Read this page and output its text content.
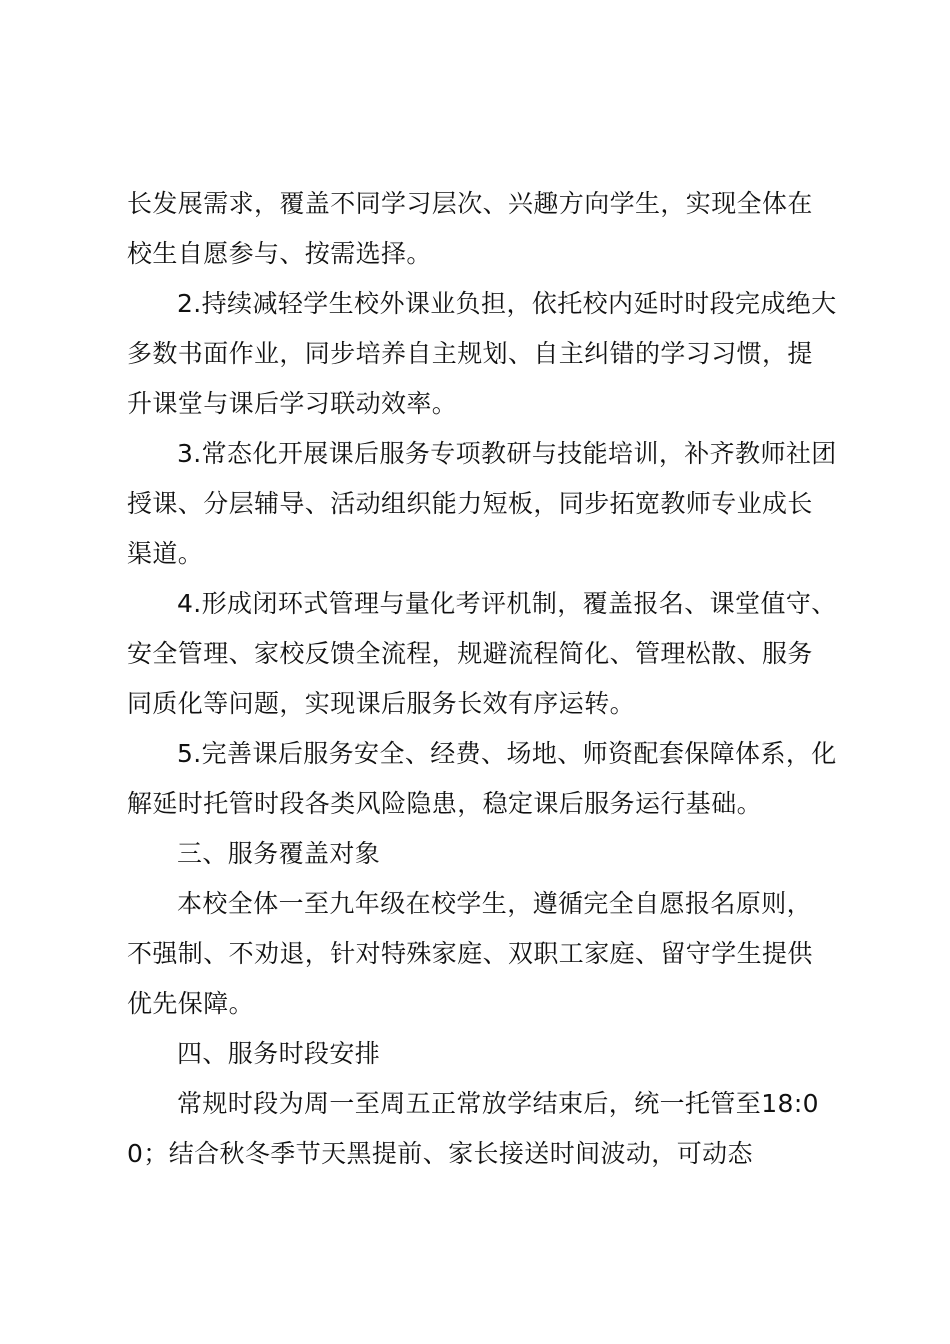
长发展需求，覆盖不同学习层次、兴趣方向学生，实现全体在校生自愿参与、按需选择。

2.持续减轻学生校外课业负担，依托校内延时时段完成绝大多数书面作业，同步培养自主规划、自主纠错的学习习惯，提升课堂与课后学习联动效率。

3.常态化开展课后服务专项教研与技能培训，补齐教师社团授课、分层辅导、活动组织能力短板，同步拓宽教师专业成长渠道。

4.形成闭环式管理与量化考评机制，覆盖报名、课堂值守、安全管理、家校反馈全流程，规避流程简化、管理松散、服务同质化等问题，实现课后服务长效有序运转。

5.完善课后服务安全、经费、场地、师资配套保障体系，化解延时托管时段各类风险隐患，稳定课后服务运行基础。

三、服务覆盖对象

本校全体一至九年级在校学生，遵循完全自愿报名原则，不强制、不劝退，针对特殊家庭、双职工家庭、留守学生提供优先保障。

四、服务时段安排

常规时段为周一至周五正常放学结束后，统一托管至18:00；结合秋冬季节天黑提前、家长接送时间波动，可动态
